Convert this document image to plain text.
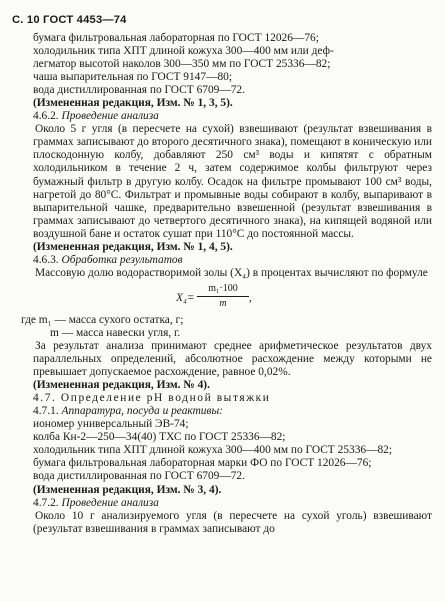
С. 10 ГОСТ 4453—74

бумага фильтровальная лабораторная по ГОСТ 12026—76;

холодильник типа ХПТ длиной кожуха 300—400 мм или деф-

легматор высотой наколов 300—350 мм по ГОСТ 25336—82;

чаша выпарительная по ГОСТ 9147—80;

вода дистиллированная по ГОСТ 6709—72.

(Измененная редакция, Изм. № 1, 3, 5).

4.6.2. Проведение анализа

Около 5 г угля (в пересчете на сухой) взвешивают (результат взвешивания в граммах записывают до второго десятичного знака), помещают в коническую или плоскодонную колбу, добавляют 250 см³ воды и кипятят с обратным холодильником в течение 2 ч, затем содержимое колбы фильтруют через бумажный фильтр в другую колбу. Осадок на фильтре промывают 100 см³ воды, нагретой до 80°С. Фильтрат и промывные воды собирают в колбу, выпаривают в выпарительной чашке, предварительно взвешенной (результат взвешивания в граммах записывают до четвертого десятичного знака), на кипящей водяной или воздушной бане и остаток сушат при 110°С до постоянной массы.

(Измененная редакция, Изм. № 1, 4, 5).

4.6.3. Обработка результатов

Массовую долю водорастворимой золы (X₄) в процентах вычисляют по формуле

$X_4= \frac{\text{m₁·100}}{m}$ ,

где m₁ — масса сухого остатка, г;

m — масса навески угля, г.

За результат анализа принимают среднее арифметическое результатов двух параллельных определений, абсолютное расхождение между которыми не превышает допускаемое расхождение, равное 0,02%.

(Измененная редакция, Изм. № 4).

4.7. Определение рН водной вытяжки

4.7.1. Аппаратура, посуда и реактивы:

иономер универсальный ЭВ-74;

колба Кн-2—250—34(40) ТХС по ГОСТ 25336—82;

холодильник типа ХПТ длиной кожуха 300—400 мм по ГОСТ 25336—82;

бумага фильтровальная лабораторная марки ФО по ГОСТ 12026—76;

вода дистиллированная по ГОСТ 6709—72.

(Измененная редакция, Изм. № 3, 4).

4.7.2. Проведение анализа

Около 10 г анализируемого угля (в пересчете на сухой уголь) взвешивают (результат взвешивания в граммах записывают до
